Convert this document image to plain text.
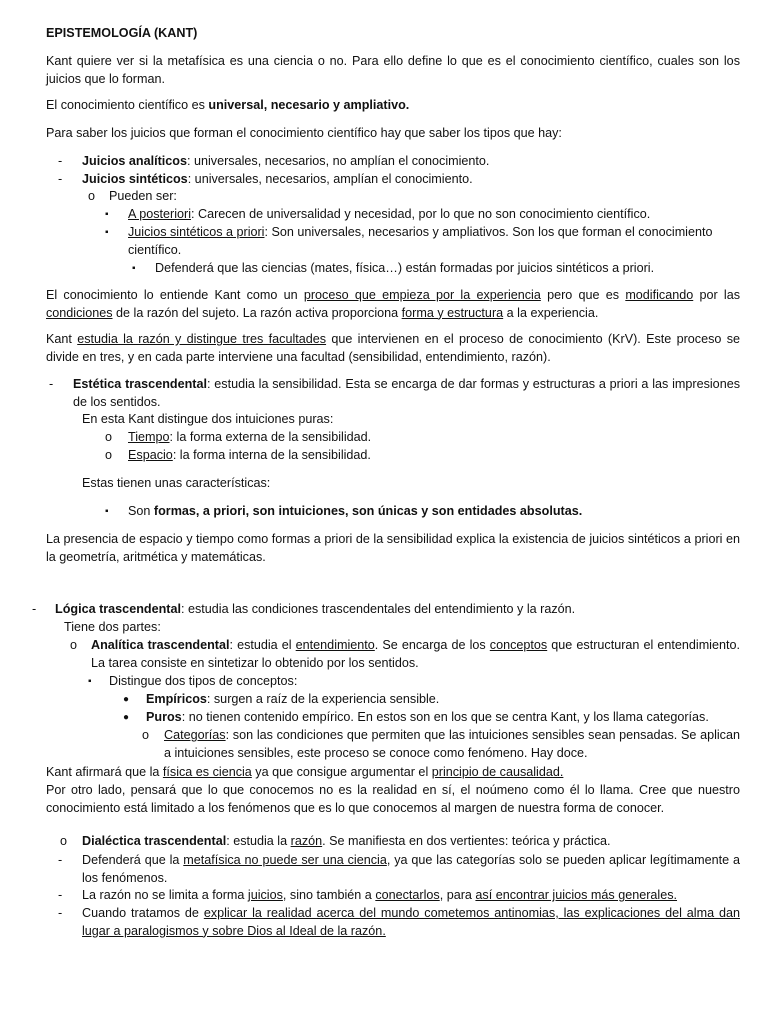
EPISTEMOLOGÍA (KANT)

Kant quiere ver si la metafísica es una ciencia o no. Para ello define lo que es el conocimiento científico, cuales son los juicios que lo forman.

El conocimiento científico es universal, necesario y ampliativo.

Para saber los juicios que forman el conocimiento científico hay que saber los tipos que hay:

- Juicios analíticos: universales, necesarios, no amplían el conocimiento.

- Juicios sintéticos: universales, necesarios, amplían el conocimiento.

o Pueden ser:

▪ A posteriori: Carecen de universalidad y necesidad, por lo que no son conocimiento científico.

▪ Juicios sintéticos a priori: Son universales, necesarios y ampliativos. Son los que forman el conocimiento científico.

▪ Defenderá que las ciencias (mates, física…) están formadas por juicios sintéticos a priori.

El conocimiento lo entiende Kant como un proceso que empieza por la experiencia pero que es modificando por las condiciones de la razón del sujeto. La razón activa proporciona forma y estructura a la experiencia.

Kant estudia la razón y distingue tres facultades que intervienen en el proceso de conocimiento (KrV). Este proceso se divide en tres, y en cada parte interviene una facultad (sensibilidad, entendimiento, razón).

- Estética trascendental: estudia la sensibilidad. Esta se encarga de dar formas y estructuras a priori a las impresiones de los sentidos.

En esta Kant distingue dos intuiciones puras:

o Tiempo: la forma externa de la sensibilidad.

o Espacio: la forma interna de la sensibilidad.

Estas tienen unas características:

▪ Son formas, a priori, son intuiciones, son únicas y son entidades absolutas.

La presencia de espacio y tiempo como formas a priori de la sensibilidad explica la existencia de juicios sintéticos a priori en la geometría, aritmética y matemáticas.

- Lógica trascendental: estudia las condiciones trascendentales del entendimiento y la razón.

Tiene dos partes:

o Analítica trascendental: estudia el entendimiento. Se encarga de los conceptos que estructuran el entendimiento. La tarea consiste en sintetizar lo obtenido por los sentidos.

▪ Distingue dos tipos de conceptos:

● Empíricos: surgen a raíz de la experiencia sensible.

● Puros: no tienen contenido empírico. En estos son en los que se centra Kant, y los llama categorías.

o Categorías: son las condiciones que permiten que las intuiciones sensibles sean pensadas. Se aplican a intuiciones sensibles, este proceso se conoce como fenómeno. Hay doce.

Kant afirmará que la física es ciencia ya que consigue argumentar el principio de causalidad.

Por otro lado, pensará que lo que conocemos no es la realidad en sí, el noúmeno como él lo llama. Cree que nuestro conocimiento está limitado a los fenómenos que es lo que conocemos al margen de nuestra forma de conocer.

o Dialéctica trascendental: estudia la razón. Se manifiesta en dos vertientes: teórica y práctica.

- Defenderá que la metafísica no puede ser una ciencia, ya que las categorías solo se pueden aplicar legítimamente a los fenómenos.

- La razón no se limita a forma juicios, sino también a conectarlos, para así encontrar juicios más generales.

- Cuando tratamos de explicar la realidad acerca del mundo cometemos antinomias, las explicaciones del alma dan lugar a paralogismos y sobre Dios al Ideal de la razón.
